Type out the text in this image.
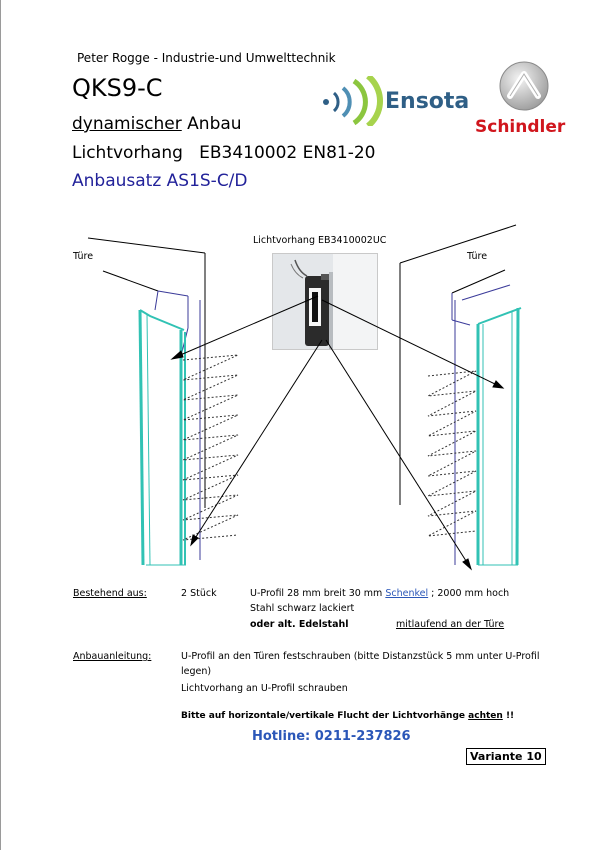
Peter Rogge - Industrie-und Umwelttechnik
QKS9-C
dynamischer Anbau
Lichtvorhang   EB3410002 EN81-20
Anbausatz AS1S-C/D
Ensota
Schindler
Lichtvorhang EB3410002UC
Türe	Türe
Bestehend aus:	2 Stück	U-Profil 28 mm breit 30 mm Schenkel ; 2000 mm hoch
Stahl schwarz lackiert
oder alt. Edelstahl	mitlaufend an der Türe
Anbauanleitung:	U-Profil an den Türen festschrauben (bitte Distanzstück 5 mm unter U-Profil
legen)
Lichtvorhang an U-Profil schrauben
Bitte auf horizontale/vertikale Flucht der Lichtvorhänge achten !!
Hotline: 0211-237826
Variante 10
